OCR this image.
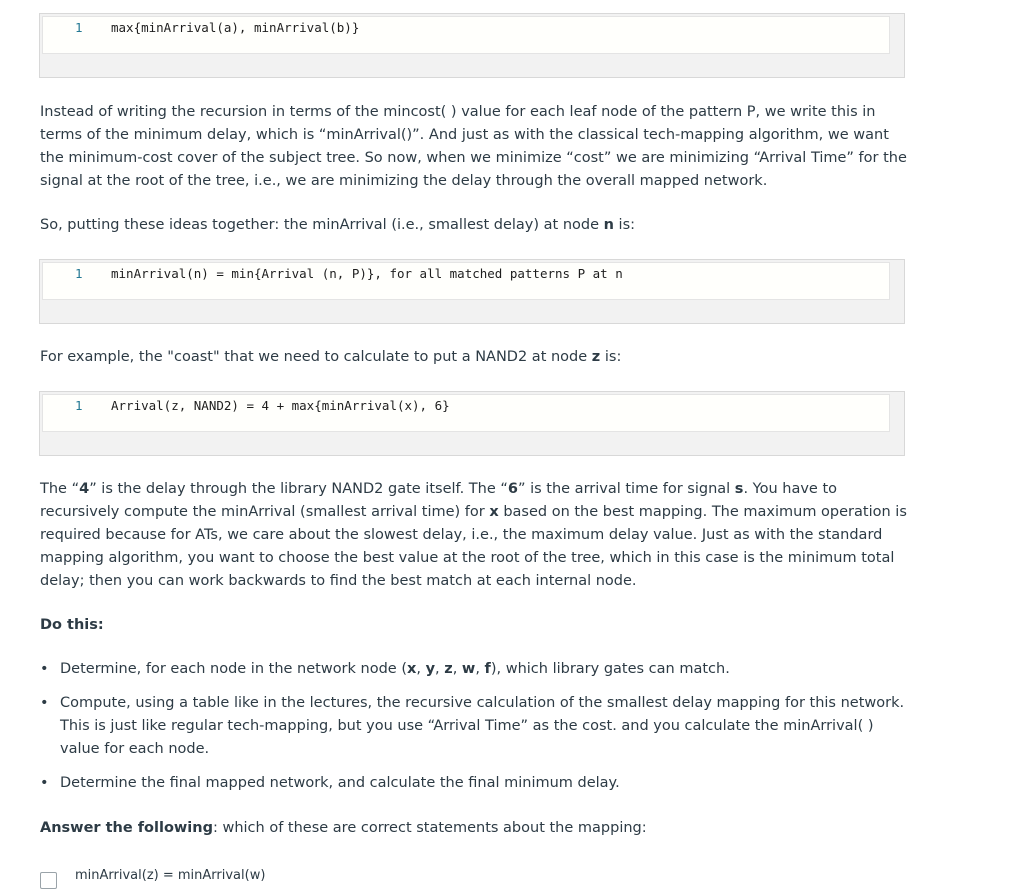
1 max{minArrival(a), minArrival(b)}

Instead of writing the recursion in terms of the mincost( ) value for each leaf node of the pattern P, we write this in terms of the minimum delay, which is “minArrival()”. And just as with the classical tech-mapping algorithm, we want the minimum-cost cover of the subject tree. So now, when we minimize “cost” we are minimizing “Arrival Time” for the signal at the root of the tree, i.e., we are minimizing the delay through the overall mapped network.

So, putting these ideas together: the minArrival (i.e., smallest delay) at node n is:

1 minArrival(n) = min{Arrival (n, P)}, for all matched patterns P at n

For example, the "coast" that we need to calculate to put a NAND2 at node z is:

1 Arrival(z, NAND2) = 4 + max{minArrival(x), 6}

The “4” is the delay through the library NAND2 gate itself. The “6” is the arrival time for signal s. You have to recursively compute the minArrival (smallest arrival time) for x based on the best mapping. The maximum operation is required because for ATs, we care about the slowest delay, i.e., the maximum delay value. Just as with the standard mapping algorithm, you want to choose the best value at the root of the tree, which in this case is the minimum total delay; then you can work backwards to find the best match at each internal node.

Do this:

• Determine, for each node in the network node (x, y, z, w, f), which library gates can match.
• Compute, using a table like in the lectures, the recursive calculation of the smallest delay mapping for this network. This is just like regular tech-mapping, but you use “Arrival Time” as the cost. and you calculate the minArrival( ) value for each node.
• Determine the final mapped network, and calculate the final minimum delay.

Answer the following: which of these are correct statements about the mapping:

minArrival(z) = minArrival(w)
